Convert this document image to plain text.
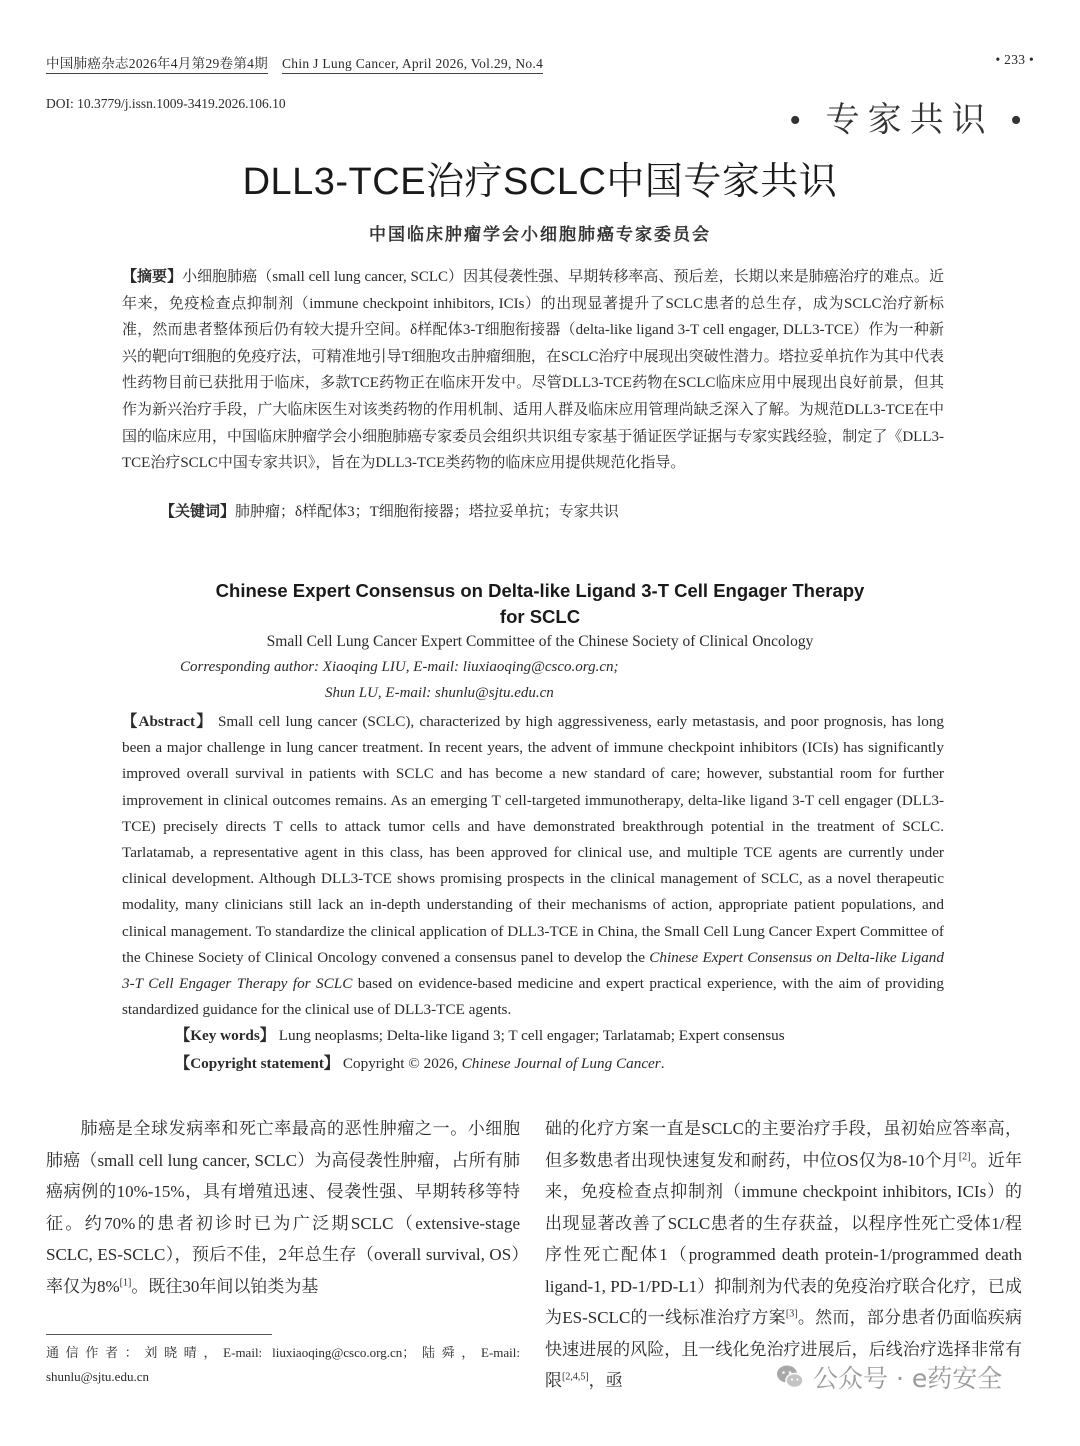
中国肺癌杂志2026年4月第29卷第4期 Chin J Lung Cancer, April 2026, Vol.29, No.4	• 233 •
DOI: 10.3779/j.issn.1009-3419.2026.106.10	• 专家共识 •
DLL3-TCE治疗SCLC中国专家共识
中国临床肿瘤学会小细胞肺癌专家委员会
【摘要】小细胞肺癌（small cell lung cancer, SCLC）因其侵袭性强、早期转移率高、预后差，长期以来是肺癌治疗的难点。近年来，免疫检查点抑制剂（immune checkpoint inhibitors, ICIs）的出现显著提升了SCLC患者的总生存，成为SCLC治疗新标准，然而患者整体预后仍有较大提升空间。δ样配体3-T细胞衔接器（delta-like ligand 3-T cell engager, DLL3-TCE）作为一种新兴的靶向T细胞的免疫疗法，可精准地引导T细胞攻击肿瘤细胞，在SCLC治疗中展现出突破性潜力。塔拉妥单抗作为其中代表性药物目前已获批用于临床，多款TCE药物正在临床开发中。尽管DLL3-TCE药物在SCLC临床应用中展现出良好前景，但其作为新兴治疗手段，广大临床医生对该类药物的作用机制、适用人群及临床应用管理尚缺乏深入了解。为规范DLL3-TCE在中国的临床应用，中国临床肿瘤学会小细胞肺癌专家委员会组织共识组专家基于循证医学证据与专家实践经验，制定了《DLL3-TCE治疗SCLC中国专家共识》，旨在为DLL3-TCE类药物的临床应用提供规范化指导。
【关键词】肺肿瘤；δ样配体3；T细胞衔接器；塔拉妥单抗；专家共识
Chinese Expert Consensus on Delta-like Ligand 3-T Cell Engager Therapy
for SCLC
Small Cell Lung Cancer Expert Committee of the Chinese Society of Clinical Oncology
Corresponding author: Xiaoqing LIU, E-mail: liuxiaoqing@csco.org.cn;
Shun LU, E-mail: shunlu@sjtu.edu.cn
【Abstract】 Small cell lung cancer (SCLC), characterized by high aggressiveness, early metastasis, and poor prognosis, has long been a major challenge in lung cancer treatment. In recent years, the advent of immune checkpoint inhibitors (ICIs) has significantly improved overall survival in patients with SCLC and has become a new standard of care; however, substantial room for further improvement in clinical outcomes remains. As an emerging T cell-targeted immunotherapy, delta-like ligand 3-T cell engager (DLL3-TCE) precisely directs T cells to attack tumor cells and have demonstrated breakthrough potential in the treatment of SCLC. Tarlatamab, a representative agent in this class, has been approved for clinical use, and multiple TCE agents are currently under clinical development. Although DLL3-TCE shows promising prospects in the clinical management of SCLC, as a novel therapeutic modality, many clinicians still lack an in-depth understanding of their mechanisms of action, appropriate patient populations, and clinical management. To standardize the clinical application of DLL3-TCE in China, the Small Cell Lung Cancer Expert Committee of the Chinese Society of Clinical Oncology convened a consensus panel to develop the Chinese Expert Consensus on Delta-like Ligand 3-T Cell Engager Therapy for SCLC based on evidence-based medicine and expert practical experience, with the aim of providing standardized guidance for the clinical use of DLL3-TCE agents.
【Key words】 Lung neoplasms; Delta-like ligand 3; T cell engager; Tarlatamab; Expert consensus
【Copyright statement】 Copyright © 2026, Chinese Journal of Lung Cancer.
肺癌是全球发病率和死亡率最高的恶性肿瘤之一。小细胞肺癌（small cell lung cancer, SCLC）为高侵袭性肿瘤，占所有肺癌病例的10%-15%，具有增殖迅速、侵袭性强、早期转移等特征。约70%的患者初诊时已为广泛期SCLC（extensive-stage SCLC, ES-SCLC），预后不佳，2年总生存（overall survival, OS）率仅为8%[1]。既往30年间以铂类为基
础的化疗方案一直是SCLC的主要治疗手段，虽初始应答率高，但多数患者出现快速复发和耐药，中位OS仅为8-10个月[2]。近年来，免疫检查点抑制剂（immune checkpoint inhibitors, ICIs）的出现显著改善了SCLC患者的生存获益，以程序性死亡受体1/程序性死亡配体1（programmed death protein-1/programmed death ligand-1, PD-1/PD-L1）抑制剂为代表的免疫治疗联合化疗，已成为ES-SCLC的一线标准治疗方案[3]。然而，部分患者仍面临疾病快速进展的风险，且一线化免治疗进展后，后线治疗选择非常有限[2,4,5]，亟
通信作者：刘晓晴，E-mail: liuxiaoqing@csco.org.cn；陆舜，E-mail: shunlu@sjtu.edu.cn	公众号 · e药安全
